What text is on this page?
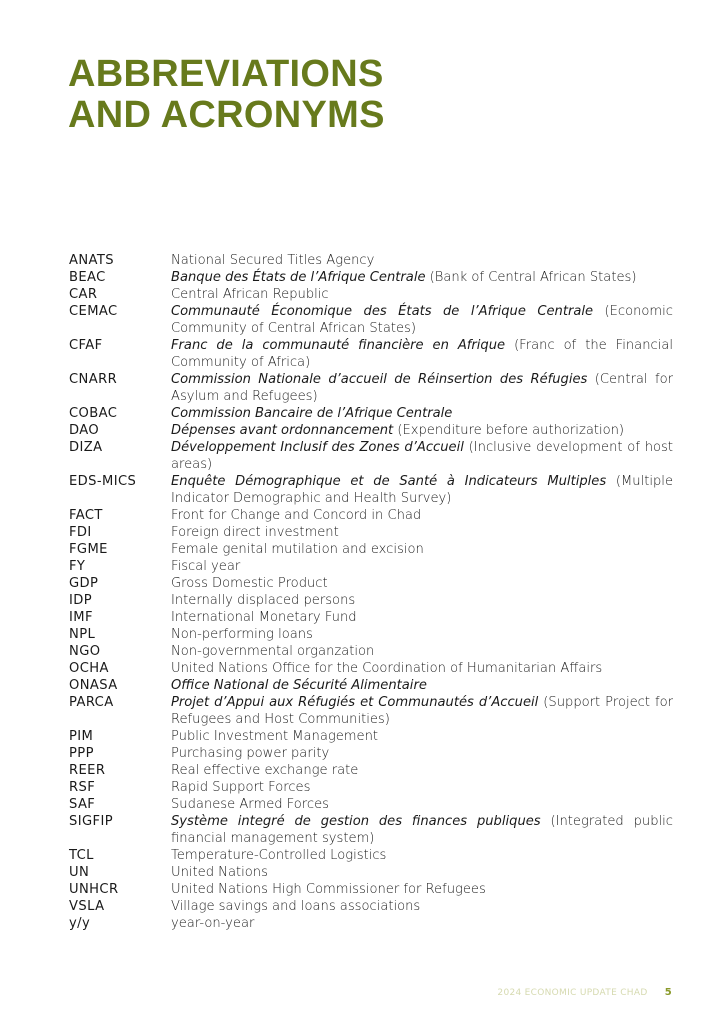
ABBREVIATIONS
AND ACRONYMS
ANATS	National Secured Titles Agency
BEAC	Banque des États de l’Afrique Centrale (Bank of Central African States)
CAR	Central African Republic
CEMAC	Communauté Économique des États de l’Afrique Centrale (Economic Community of Central African States)
CFAF	Franc de la communauté financière en Afrique (Franc of the Financial Community of Africa)
CNARR	Commission Nationale d’accueil de Réinsertion des Réfugies (Central for Asylum and Refugees)
COBAC	Commission Bancaire de l’Afrique Centrale
DAO	Dépenses avant ordonnancement (Expenditure before authorization)
DIZA	Développement Inclusif des Zones d’Accueil (Inclusive development of host areas)
EDS-MICS	Enquête Démographique et de Santé à Indicateurs Multiples (Multiple Indicator Demographic and Health Survey)
FACT	Front for Change and Concord in Chad
FDI	Foreign direct investment
FGME	Female genital mutilation and excision
FY	Fiscal year
GDP	Gross Domestic Product
IDP	Internally displaced persons
IMF	International Monetary Fund
NPL	Non-performing loans
NGO	Non-governmental organzation
OCHA	United Nations Office for the Coordination of Humanitarian Affairs
ONASA	Office National de Sécurité Alimentaire
PARCA	Projet d’Appui aux Réfugiés et Communautés d’Accueil (Support Project for Refugees and Host Communities)
PIM	Public Investment Management
PPP	Purchasing power parity
REER	Real effective exchange rate
RSF	Rapid Support Forces
SAF	Sudanese Armed Forces
SIGFIP	Système integré de gestion des finances publiques (Integrated public financial management system)
TCL	Temperature-Controlled Logistics
UN	United Nations
UNHCR	United Nations High Commissioner for Refugees
VSLA	Village savings and loans associations
y/y	year-on-year
2024 ECONOMIC UPDATE CHAD 5
